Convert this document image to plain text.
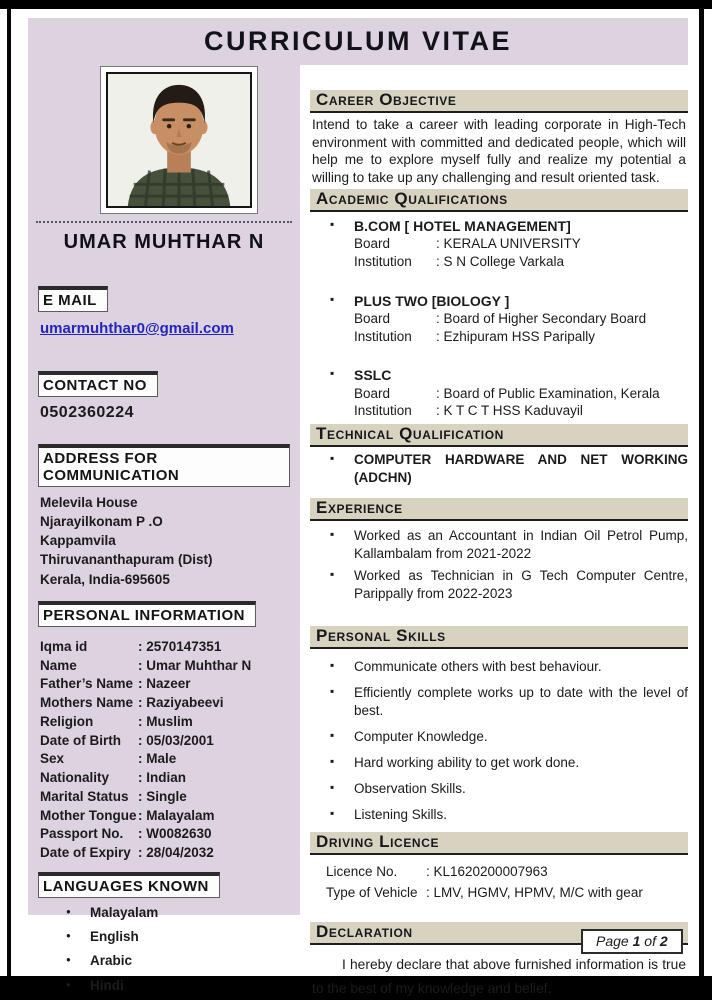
CURRICULUM VITAE
UMAR MUHTHAR N
E MAIL
umarmuhthar0@gmail.com
CONTACT NO
0502360224
ADDRESS FOR COMMUNICATION
Melevila House
Njarayilkonam P .O
Kappamvila
Thiruvananthapuram (Dist)
Kerala, India-695605
PERSONAL INFORMATION
Iqma id	: 2570147351
Name	: Umar Muhthar N
Father’s Name : Nazeer
Mothers Name : Raziyabeevi
Religion	: Muslim
Date of Birth	: 05/03/2001
Sex	: Male
Nationality	: Indian
Marital Status : Single
Mother Tongue : Malayalam
Passport No.	: W0082630
Date of Expiry : 28/04/2032
LANGUAGES KNOWN
● Malayalam
● English
● Arabic
● Hindi
Career Objective

Intend to take a career with leading corporate in High-Tech environment with committed and dedicated people, which will help me to explore myself fully and realize my potential a willing to take up any challenging and result oriented task.

Academic Qualifications
▪ B.COM [ HOTEL MANAGEMENT]
Board	: KERALA UNIVERSITY
Institution	: S N College Varkala
▪ PLUS TWO [BIOLOGY ]
Board	: Board of Higher Secondary Board
Institution	: Ezhipuram HSS Paripally
▪ SSLC
Board	: Board of Public Examination, Kerala
Institution	: K T C T HSS Kaduvayil
Technical Qualification
▪ COMPUTER HARDWARE AND NET WORKING (ADCHN)
Experience
▪ Worked as an Accountant in Indian Oil Petrol Pump, Kallambalam from 2021-2022
▪ Worked as Technician in G Tech Computer Centre, Parippally from 2022-2023
Personal Skills
▪ Communicate others with best behaviour.
▪ Efficiently complete works up to date with the level of best.
▪ Computer Knowledge.
▪ Hard working ability to get work done.
▪ Observation Skills.
▪ Listening Skills.
Driving Licence
Licence No.	: KL1620200007963
Type of Vehicle : LMV, HGMV, HPMV, M/C with gear
Declaration

I hereby declare that above furnished information is true to the best of my knowledge and belief.

Page 1 of 2
